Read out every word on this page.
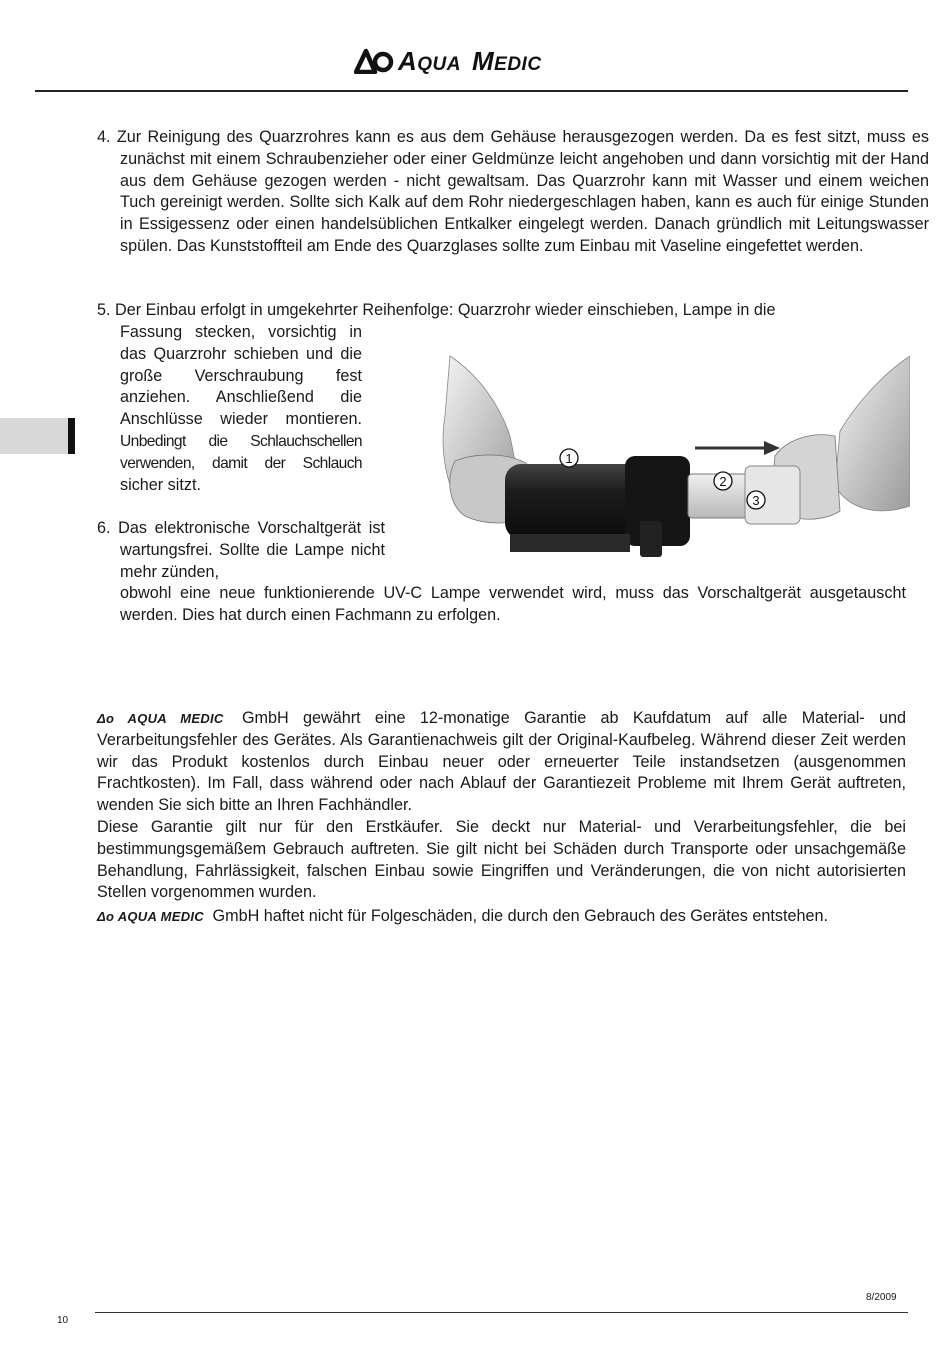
AQUA MEDIC

4. Zur Reinigung des Quarzrohres kann es aus dem Gehäuse herausgezogen werden. Da es fest sitzt, muss es zunächst mit einem Schraubenzieher oder einer Geldmünze leicht angehoben und dann vorsichtig mit der Hand aus dem Gehäuse gezogen werden - nicht gewaltsam. Das Quarzrohr kann mit Wasser und einem weichen Tuch gereinigt werden. Sollte sich Kalk auf dem Rohr niedergeschlagen haben, kann es auch für einige Stunden in Essigessenz oder einen handelsüblichen Entkalker eingelegt werden. Danach gründlich mit Leitungswasser spülen. Das Kunststoffteil am Ende des Quarzglases sollte zum Einbau mit Vaseline eingefettet werden.

5. Der Einbau erfolgt in umgekehrter Reihenfolge: Quarzrohr wieder einschieben, Lampe in die

Fassung stecken, vorsichtig in das Quarzrohr schieben und die große Verschraubung fest anziehen. Anschließend die Anschlüsse wieder montieren. Unbedingt die Schlauchschellen verwenden, damit der Schlauch sicher sitzt.

6. Das elektronische Vorschaltgerät ist wartungsfrei. Sollte die Lampe nicht mehr zünden,

obwohl eine neue funktionierende UV-C Lampe verwendet wird, muss das Vorschaltgerät ausgetauscht werden. Dies hat durch einen Fachmann zu erfolgen.

1
2
3

Δo AQUA MEDIC GmbH gewährt eine 12-monatige Garantie ab Kaufdatum auf alle Material- und Verarbeitungsfehler des Gerätes. Als Garantienachweis gilt der Original-Kaufbeleg. Während dieser Zeit werden wir das Produkt kostenlos durch Einbau neuer oder erneuerter Teile instandsetzen (ausgenommen Frachtkosten). Im Fall, dass während oder nach Ablauf der Garantiezeit Probleme mit Ihrem Gerät auftreten, wenden Sie sich bitte an Ihren Fachhändler.

Diese Garantie gilt nur für den Erstkäufer. Sie deckt nur Material- und Verarbeitungsfehler, die bei bestimmungsgemäßem Gebrauch auftreten. Sie gilt nicht bei Schäden durch Transporte oder unsachgemäße Behandlung, Fahrlässigkeit, falschen Einbau sowie Eingriffen und Veränderungen, die von nicht autorisierten Stellen vorgenommen wurden.

Δo AQUA MEDIC GmbH haftet nicht für Folgeschäden, die durch den Gebrauch des Gerätes entstehen.

8/2009
10
